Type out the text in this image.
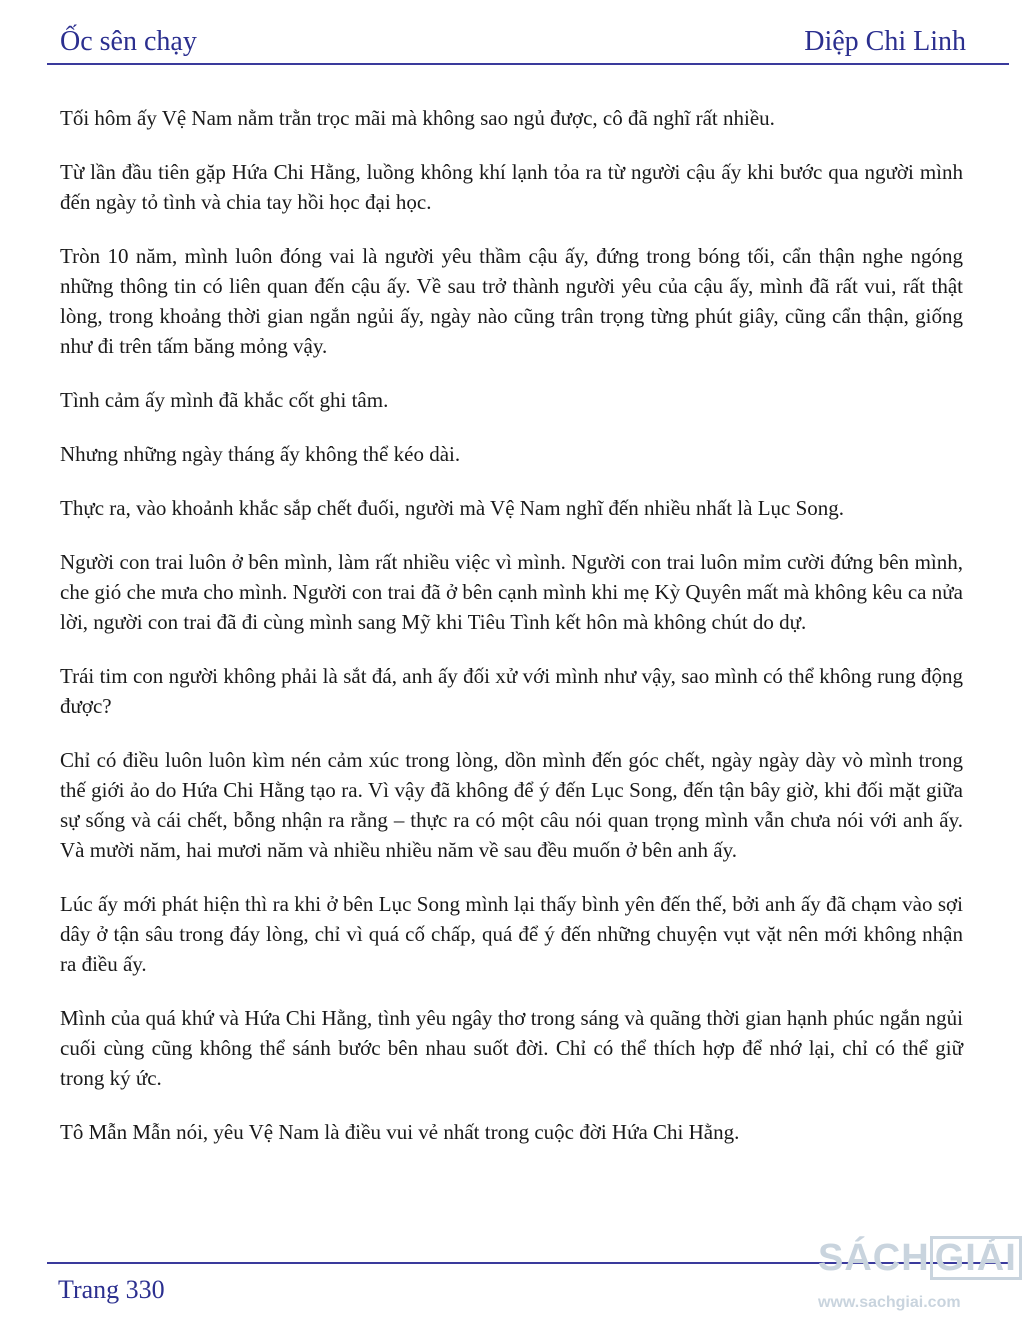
Ốc sên chạy	Diệp Chi Linh

Tối hôm ấy Vệ Nam nằm trằn trọc mãi mà không sao ngủ được, cô đã nghĩ rất nhiều.

Từ lần đầu tiên gặp Hứa Chi Hằng, luồng không khí lạnh tỏa ra từ người cậu ấy khi bước qua người mình đến ngày tỏ tình và chia tay hồi học đại học.

Tròn 10 năm, mình luôn đóng vai là người yêu thầm cậu ấy, đứng trong bóng tối, cẩn thận nghe ngóng những thông tin có liên quan đến cậu ấy. Về sau trở thành người yêu của cậu ấy, mình đã rất vui, rất thật lòng, trong khoảng thời gian ngắn ngủi ấy, ngày nào cũng trân trọng từng phút giây, cũng cẩn thận, giống như đi trên tấm băng mỏng vậy.

Tình cảm ấy mình đã khắc cốt ghi tâm.

Nhưng những ngày tháng ấy không thể kéo dài.

Thực ra, vào khoảnh khắc sắp chết đuối, người mà Vệ Nam nghĩ đến nhiều nhất là Lục Song.

Người con trai luôn ở bên mình, làm rất nhiều việc vì mình. Người con trai luôn mỉm cười đứng bên mình, che gió che mưa cho mình. Người con trai đã ở bên cạnh mình khi mẹ Kỳ Quyên mất mà không kêu ca nửa lời, người con trai đã đi cùng mình sang Mỹ khi Tiêu Tình kết hôn mà không chút do dự.

Trái tim con người không phải là sắt đá, anh ấy đối xử với mình như vậy, sao mình có thể không rung động được?

Chỉ có điều luôn luôn kìm nén cảm xúc trong lòng, dồn mình đến góc chết, ngày ngày dày vò mình trong thế giới ảo do Hứa Chi Hằng tạo ra. Vì vậy đã không để ý đến Lục Song, đến tận bây giờ, khi đối mặt giữa sự sống và cái chết, bỗng nhận ra rằng – thực ra có một câu nói quan trọng mình vẫn chưa nói với anh ấy. Và mười năm, hai mươi năm và nhiều nhiều năm về sau đều muốn ở bên anh ấy.

Lúc ấy mới phát hiện thì ra khi ở bên Lục Song mình lại thấy bình yên đến thế, bởi anh ấy đã chạm vào sợi dây ở tận sâu trong đáy lòng, chỉ vì quá cố chấp, quá để ý đến những chuyện vụt vặt nên mới không nhận ra điều ấy.

Mình của quá khứ và Hứa Chi Hằng, tình yêu ngây thơ trong sáng và quãng thời gian hạnh phúc ngắn ngủi cuối cùng cũng không thể sánh bước bên nhau suốt đời. Chỉ có thể thích hợp để nhớ lại, chỉ có thể giữ trong ký ức.

Tô Mẫn Mẫn nói, yêu Vệ Nam là điều vui vẻ nhất trong cuộc đời Hứa Chi Hằng.

Trang 330
SÁCH GIẢI
www.sachgiai.com
